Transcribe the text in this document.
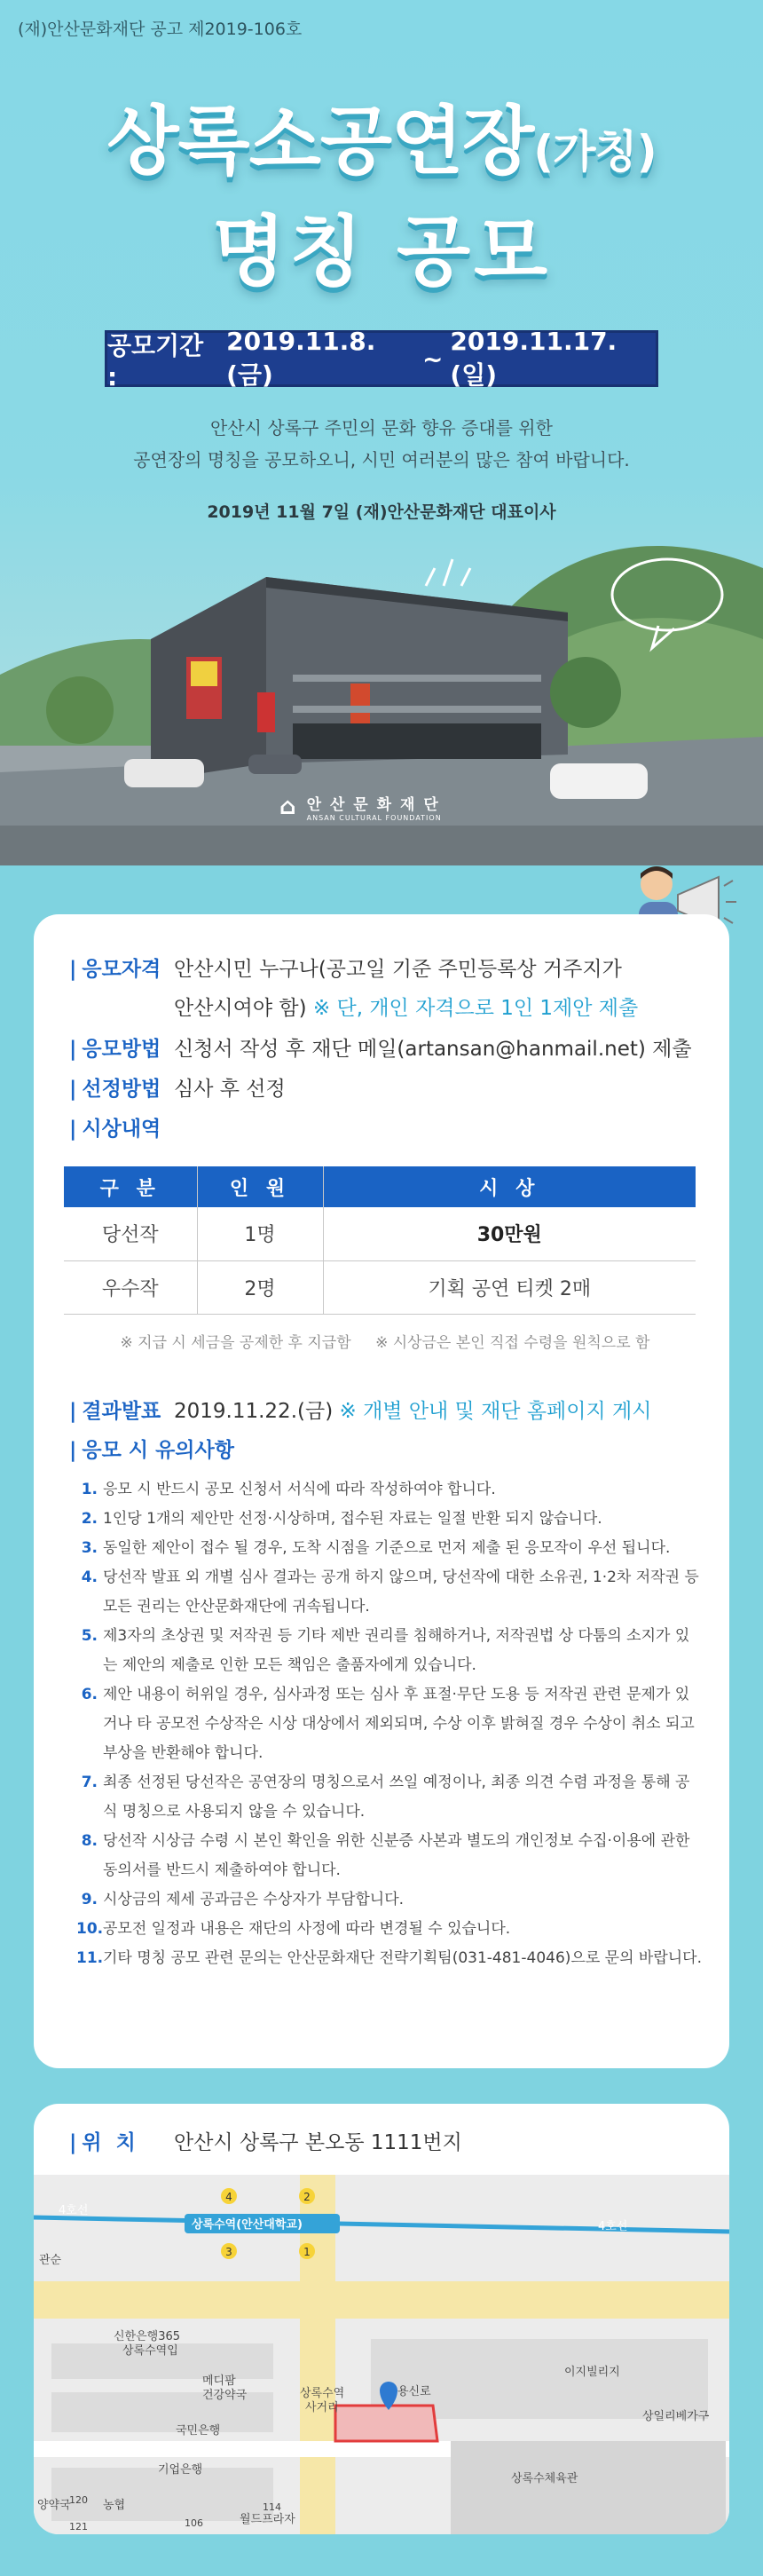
(재)안산문화재단 공고 제2019-106호
상록소공연장(가칭)
명칭 공모
공모기간 :

2019.11.8.(금)
~
2019.11.17.(일)
안산시 상록구 주민의 문화 향유 증대를 위한
공연장의 명칭을 공모하오니, 시민 여러분의 많은 참여 바랍니다.
2019년 11월 7일 (재)안산문화재단 대표이사
⌂ 안 산 문 화 재 단
ANSAN CULTURAL FOUNDATION
| 응모자격 안산시민 누구나(공고일 기준 주민등록상 거주지가
안산시여야 함) ※ 단, 개인 자격으로 1인 1제안 제출
| 응모방법 신청서 작성 후 재단 메일(artansan@hanmail.net) 제출
| 선정방법 심사 후 선정
| 시상내역
구 분	인 원	시 상
당선작	1명	30만원
우수작	2명	기획 공연 티켓 2매
※ 지급 시 세금을 공제한 후 지급함 ※ 시상금은 본인 직접 수령을 원칙으로 함
| 결과발표 2019.11.22.(금) ※ 개별 안내 및 재단 홈페이지 게시
| 응모 시 유의사항
응모 시 반드시 공모 신청서 서식에 따라 작성하여야 합니다.
1인당 1개의 제안만 선정·시상하며, 접수된 자료는 일절 반환 되지 않습니다.
동일한 제안이 접수 될 경우, 도착 시점을 기준으로 먼저 제출 된 응모작이 우선 됩니다.
당선작 발표 외 개별 심사 결과는 공개 하지 않으며, 당선작에 대한 소유권, 1·2차 저작권 등 모든 권리는 안산문화재단에 귀속됩니다.
제3자의 초상권 및 저작권 등 기타 제반 권리를 침해하거나, 저작권법 상 다툼의 소지가 있는 제안의 제출로 인한 모든 책임은 출품자에게 있습니다.
제안 내용이 허위일 경우, 심사과정 또는 심사 후 표절·무단 도용 등 저작권 관련 문제가 있거나 타 공모전 수상작은 시상 대상에서 제외되며, 수상 이후 밝혀질 경우 수상이 취소 되고 부상을 반환해야 합니다.
최종 선정된 당선작은 공연장의 명칭으로서 쓰일 예정이나, 최종 의견 수렴 과정을 통해 공식 명칭으로 사용되지 않을 수 있습니다.
당선작 시상금 수령 시 본인 확인을 위한 신분증 사본과 별도의 개인정보 수집·이용에 관한 동의서를 반드시 제출하여야 합니다.
시상금의 제세 공과금은 수상자가 부담합니다.
공모전 일정과 내용은 재단의 사정에 따라 변경될 수 있습니다.
기타 명칭 공모 관련 문의는 안산문화재단 전략기획팀(031-481-4046)으로 문의 바랍니다.
| 위  치	안산시 상록구 본오동 1111번지
4	2
3	1
4호선
4호선
상록수역(안산대학교)
관순
신한은행365
상록수역입
메디팜
건강약국
국민은행
기업은행
양약국	농협
월드프라자
상록수역
사거리
용신로
이지빌리지
상록수체육관
상일리베가구
120
121	106
114
